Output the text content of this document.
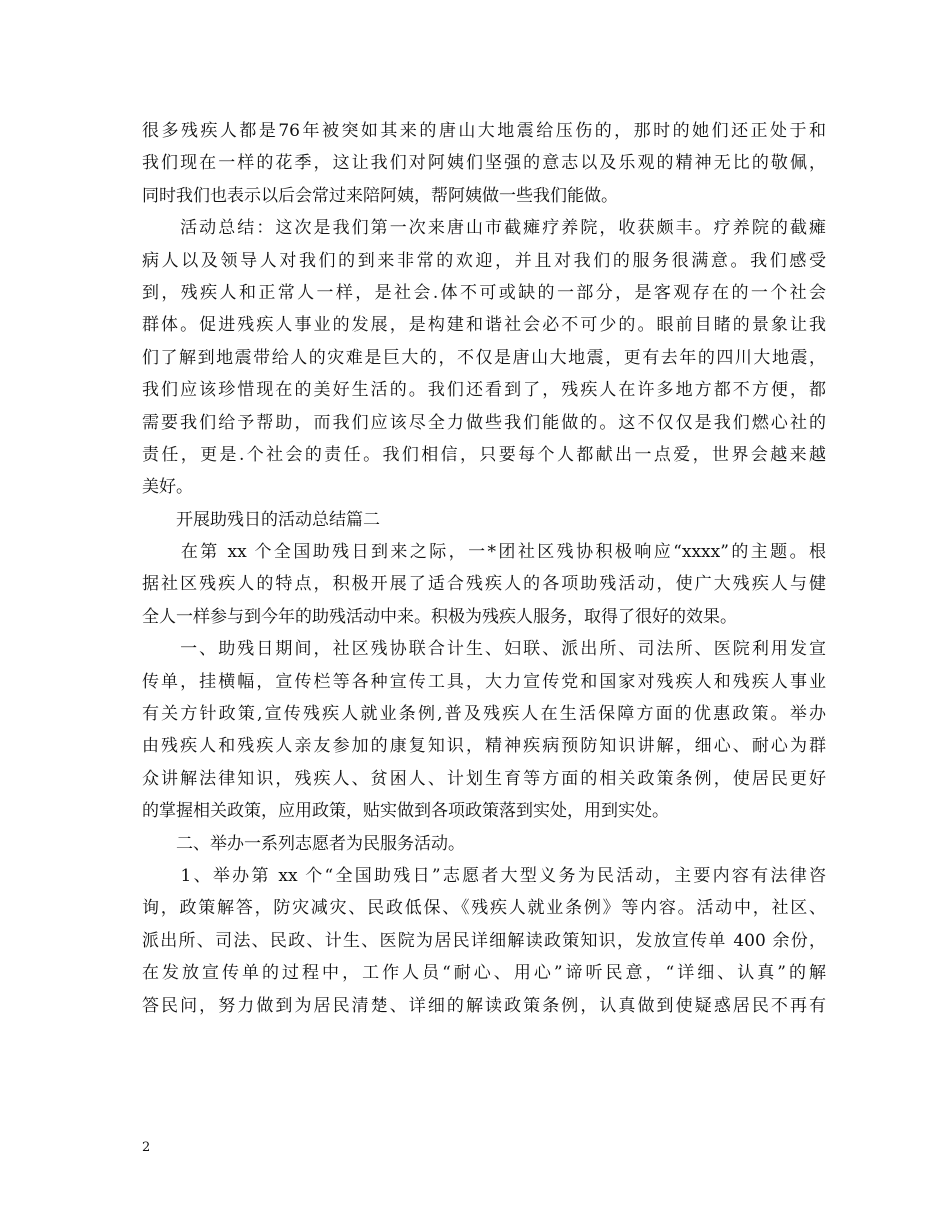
很多残疾人都是76年被突如其来的唐山大地震给压伤的，那时的她们还正处于和
我们现在一样的花季，这让我们对阿姨们坚强的意志以及乐观的精神无比的敬佩，
同时我们也表示以后会常过来陪阿姨，帮阿姨做一些我们能做。
　　活动总结：这次是我们第一次来唐山市截瘫疗养院，收获颇丰。疗养院的截瘫
病人以及领导人对我们的到来非常的欢迎，并且对我们的服务很满意。我们感受
到，残疾人和正常人一样，是社会.体不可或缺的一部分，是客观存在的一个社会
群体。促进残疾人事业的发展，是构建和谐社会必不可少的。眼前目睹的景象让我
们了解到地震带给人的灾难是巨大的，不仅是唐山大地震，更有去年的四川大地震，
我们应该珍惜现在的美好生活的。我们还看到了，残疾人在许多地方都不方便，都
需要我们给予帮助，而我们应该尽全力做些我们能做的。这不仅仅是我们燃心社的
责任，更是.个社会的责任。我们相信，只要每个人都献出一点爱，世界会越来越
美好。
　　开展助残日的活动总结篇二
　　在第 xx 个全国助残日到来之际，一*团社区残协积极响应“xxxx”的主题。根
据社区残疾人的特点，积极开展了适合残疾人的各项助残活动，使广大残疾人与健
全人一样参与到今年的助残活动中来。积极为残疾人服务，取得了很好的效果。
　　一、助残日期间，社区残协联合计生、妇联、派出所、司法所、医院利用发宣
传单，挂横幅，宣传栏等各种宣传工具，大力宣传党和国家对残疾人和残疾人事业
有关方针政策,宣传残疾人就业条例,普及残疾人在生活保障方面的优惠政策。举办
由残疾人和残疾人亲友参加的康复知识，精神疾病预防知识讲解，细心、耐心为群
众讲解法律知识，残疾人、贫困人、计划生育等方面的相关政策条例，使居民更好
的掌握相关政策，应用政策，贴实做到各项政策落到实处，用到实处。
　　二、举办一系列志愿者为民服务活动。
　　1、举办第 xx 个“全国助残日”志愿者大型义务为民活动，主要内容有法律咨
询，政策解答，防灾减灾、民政低保、《残疾人就业条例》等内容。活动中，社区、
派出所、司法、民政、计生、医院为居民详细解读政策知识，发放宣传单 400 余份，
在发放宣传单的过程中，工作人员“耐心、用心”谛听民意，“详细、认真”的解
答民问，努力做到为居民清楚、详细的解读政策条例，认真做到使疑惑居民不再有
2
